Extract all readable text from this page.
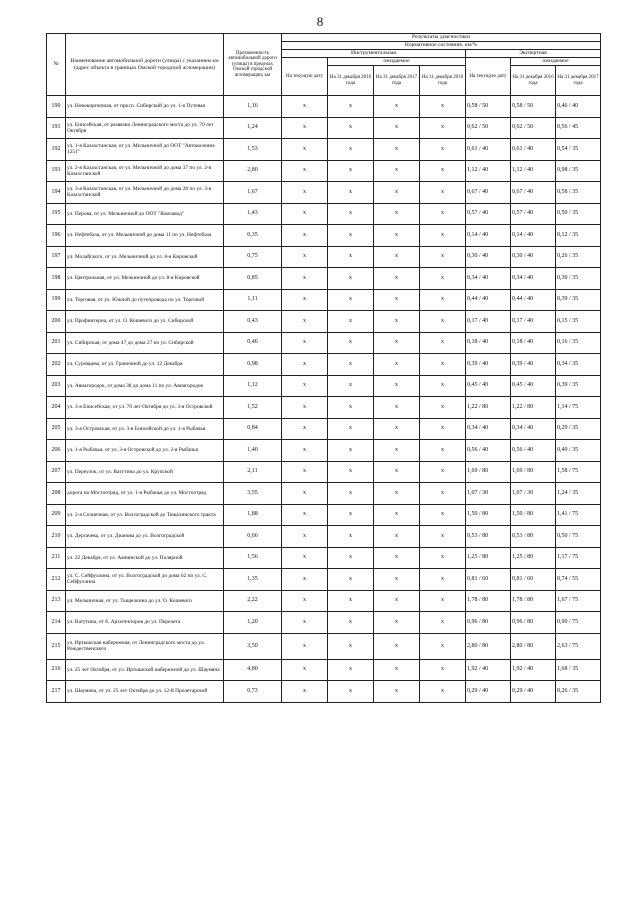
8
№	Наименование автомобильной дороги (улицы) с указанием км (адрес объекта в границах Омской городской агломерации)	Протяженность автомобильной дороги (улицы) в пределах Омской городской агломерации, км	Результаты диагностики						
			Нормативное состояние, км/%						
			Инструментальная				Экспертная		
			На текущую дату	ожидаемое			На текущую дату	ожидаемое	
				На 31 декабря 2016 года	На 31 декабря 2017 года	На 31 декабря 2018 года		На 31 декабря 2016 года	На 31 декабря 2017 года
190	ул. Новокирпичная, от просп. Сибирский до ул. 1-я Путевая	1,16	x	x	x	x	0,58 / 50	0,58 / 50	0,46 / 40
191	ул. Енисейская, от развязки Ленинградского моста до ул. 70 лет Октября	1,24	x	x	x	x	0,62 / 50	0,62 / 50	0,56 / 45
192	ул. 1-я Казахстанская, от ул. Мельничной до ООТ "Автоколонна 1251"	1,53	x	x	x	x	0,61 / 40	0,61 / 40	0,54 / 35
193	ул. 2-я Казахстанская, от ул. Мельничной до дома 37 по ул. 2-я Казахстанской	2,80	x	x	x	x	1,12 / 40	1,12 / 40	0,98 / 35
194	ул. 3-я Казахстанская, от ул. Мельничной до дома 28 по ул. 3-я Казахстанской	1,67	x	x	x	x	0,67 / 40	0,67 / 40	0,58 / 35
195	ул. Перова, от ул. Мельничной до ООТ "Комзавод"	1,43	x	x	x	x	0,57 / 40	0,57 / 40	0,50 / 35
196	ул. Нефтебаза, от ул. Мельничной до дома 11 по ул. Нефтебаза	0,35	x	x	x	x	0,14 / 40	0,14 / 40	0,12 / 35
197	ул. Молайского, от ул. Мельничной до ул. 8-я Кировской	0,75	x	x	x	x	0,30 / 40	0,30 / 40	0,26 / 35
198	ул. Центральная, от ул. Мельничной до ул. 8-я Кировской	0,85	x	x	x	x	0,34 / 40	0,34 / 40	0,30 / 35
199	ул. Торговая, от ул. Южной до путепровода по ул. Торговой	1,11	x	x	x	x	0,44 / 40	0,44 / 40	0,39 / 35
200	ул. Профинтерна, от ул. О. Кошевого до ул. Сибирской	0,43	x	x	x	x	0,17 / 40	0,17 / 40	0,15 / 35
201	ул. Сибирская, от дома 47 до дома 27 по ул. Сибирской	0,46	x	x	x	x	0,18 / 40	0,18 / 40	0,16 / 35
202	ул. Суровцева, от ул. Граничной до ул. 12 Декабря	0,98	x	x	x	x	0,39 / 40	0,39 / 40	0,34 / 35
203	ул. Авиагородок, от дома 38 до дома 11 по ул. Авиагородок	1,12	x	x	x	x	0,45 / 40	0,45 / 40	0,39 / 35
204	ул. 3-я Енисейская, от ул. 70 лет Октября до ул. 3-я Островской	1,52	x	x	x	x	1,22 / 80	1,22 / 80	1,14 / 75
205	ул. 3-я Островская, от ул. 3-я Енисейской до ул. 1-я Рыбачья	0,84	x	x	x	x	0,34 / 40	0,34 / 40	0,29 / 35
206	ул. 1-я Рыбачья, от ул. 3-я Островской до ул. 2-я Рыбачья	1,40	x	x	x	x	0,56 / 40	0,56 / 40	0,49 / 35
207	ул. Переулок, от ул. Ватутина до ул. Крупской	2,11	x	x	x	x	1,69 / 80	1,69 / 80	1,58 / 75
208	дорога на Мостоотряд, от ул. 1-я Рыбачья до ул. Мостоотряд	3,55	x	x	x	x	1,07 / 30	1,07 / 30	1,24 / 35
209	ул. 2-я Солнечная, от ул. Волгоградской до Тюкалинского тракта	1,88	x	x	x	x	1,50 / 80	1,50 / 80	1,41 / 75
210	ул. Дергачева, от ул. Дианова до ул. Волгоградской	0,66	x	x	x	x	0,53 / 80	0,53 / 80	0,50 / 75
211	ул. 22 Декабря, от ул. Амнинской до ул. Полярной	1,56	x	x	x	x	1,25 / 80	1,25 / 80	1,17 / 75
212	ул. С. Сейфуллина, от ул. Волгоградской до дома 62 по ул. С. Сейфуллина	1,35	x	x	x	x	0,81 / 60	0,81 / 60	0,74 / 55
213	ул. Мельничная, от ул. Тыщелкина до ул. О. Кошевого	2,22	x	x	x	x	1,78 / 80	1,78 / 80	1,67 / 75
214	ул. Ватутина, от б. Архитекторов до ул. Перелета	1,20	x	x	x	x	0,96 / 80	0,96 / 80	0,90 / 75
215	ул. Иртышская набережная, от Ленинградского моста до ул. Рождественского	3,50	x	x	x	x	2,80 / 80	2,80 / 80	2,63 / 75
216	ул. 25 лет Октября, от ул. Иртышской набережной до ул. Шаумяна	4,80	x	x	x	x	1,92 / 40	1,92 / 40	1,68 / 35
217	ул. Шаумяна, от ул. 25 лет Октября до ул. 12-й Пролетарской	0,73	x	x	x	x	0,29 / 40	0,29 / 40	0,26 / 35
